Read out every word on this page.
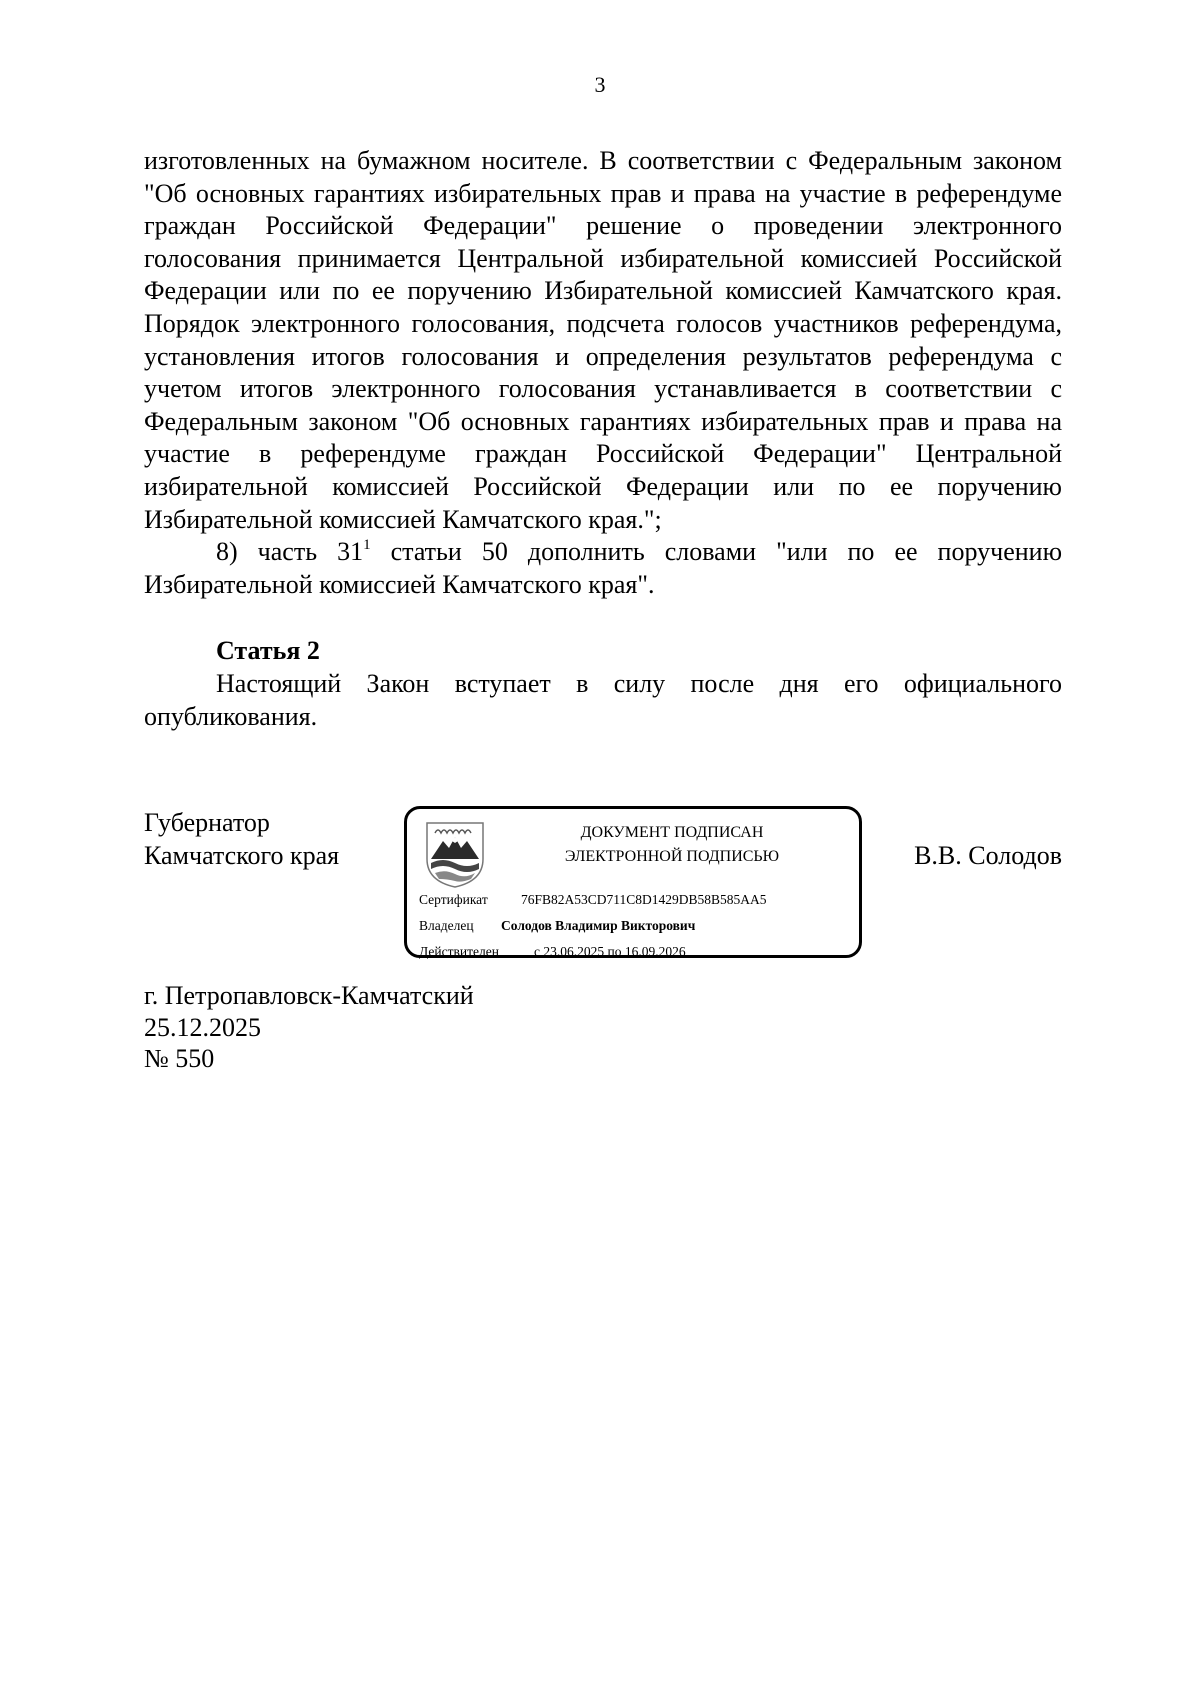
3

изготовленных на бумажном носителе. В соответствии с Федеральным законом "Об основных гарантиях избирательных прав и права на участие в референдуме граждан Российской Федерации" решение о проведении электронного голосования принимается Центральной избирательной комиссией Российской Федерации или по ее поручению Избирательной комиссией Камчатского края. Порядок электронного голосования, подсчета голосов участников референдума, установления итогов голосования и определения результатов референдума с учетом итогов электронного голосования устанавливается в соответствии с Федеральным законом "Об основных гарантиях избирательных прав и права на участие в референдуме граждан Российской Федерации" Центральной избирательной комиссией Российской Федерации или по ее поручению Избирательной комиссией Камчатского края.";

8) часть $31^1$ статьи 50 дополнить словами "или по ее поручению Избирательной комиссией Камчатского края".

Статья 2

Настоящий Закон вступает в силу после дня его официального опубликования.

Губернатор
Камчатского края
ДОКУМЕНТ ПОДПИСАН
ЭЛЕКТРОННОЙ ПОДПИСЬЮ
Сертификат 76FB82A53CD711C8D1429DB58B585AA5
Владелец Солодов Владимир Викторович
Действителен	с 23.06.2025 по 16.09.2026
В.В. Солодов
г. Петропавловск-Камчатский
25.12.2025
№ 550
